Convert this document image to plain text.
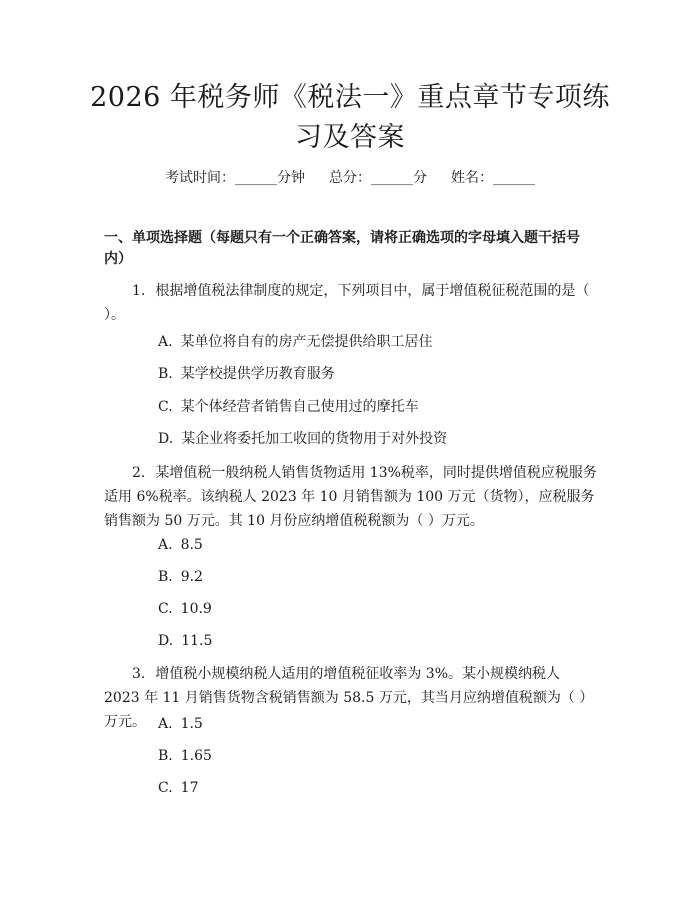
2026 年税务师《税法一》重点章节专项练习及答案
考试时间：______分钟 总分：______分 姓名：______
一、单项选择题（每题只有一个正确答案，请将正确选项的字母填入题干括号内）

1. 根据增值税法律制度的规定，下列项目中，属于增值税征税范围的是（ ）。

A. 某单位将自有的房产无偿提供给职工居住
B. 某学校提供学历教育服务
C. 某个体经营者销售自己使用过的摩托车
D. 某企业将委托加工收回的货物用于对外投资

2. 某增值税一般纳税人销售货物适用 13%税率，同时提供增值税应税服务适用 6%税率。该纳税人 2023 年 10 月销售额为 100 万元（货物），应税服务销售额为 50 万元。其 10 月份应纳增值税税额为（ ）万元。

A. 8.5
B. 9.2
C. 10.9
D. 11.5

3. 增值税小规模纳税人适用的增值税征收率为 3%。某小规模纳税人 2023 年 11 月销售货物含税销售额为 58.5 万元，其当月应纳增值税额为（ ）万元。 A. 1.5
B. 1.65
C. 17
